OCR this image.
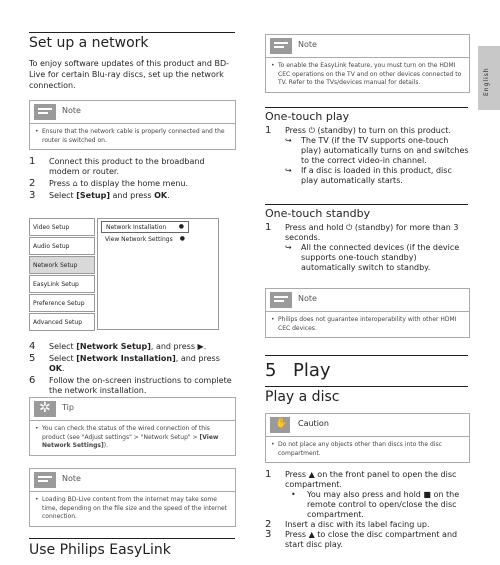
Set up a network
To enjoy software updates of this product and BD-Live for certain Blu-ray discs, set up the network connection.
Note
• Ensure that the network cable is properly connected and the router is switched on.
1 Connect this product to the broadband modem or router.
2 Press ⌂ to display the home menu.
3 Select [Setup] and press OK.
Video Setup
Audio Setup
Network Setup
EasyLink Setup
Preference Setup
Advanced Setup
Network Installation ●
View Network Settings ●
4 Select [Network Setup], and press ▶.
5 Select [Network Installation], and press OK.
6 Follow the on-screen instructions to complete the network installation.
✲ Tip
• You can check the status of the wired connection of this product (see "Adjust settings" > "Network Setup" > [View Network Settings]).
Note
• Loading BD-Live content from the internet may take some time, depending on the file size and the speed of the internet connection.
Use Philips EasyLink
Note
• To enable the EasyLink feature, you must turn on the HDMI CEC operations on the TV and on other devices connected to TV. Refer to the TVs/devices manual for details.
One-touch play
1 Press ⏻ (standby) to turn on this product.
↪ The TV (if the TV supports one-touch play) automatically turns on and switches to the correct video-in channel.
↪ If a disc is loaded in this product, disc play automatically starts.
One-touch standby
1 Press and hold ⏻ (standby) for more than 3 seconds.
↪ All the connected devices (if the device supports one-touch standby) automatically switch to standby.
Note
• Philips does not guarantee interoperability with other HDMI CEC devices.
5 Play
Play a disc
✋ Caution
• Do not place any objects other than discs into the disc compartment.
1 Press ▲ on the front panel to open the disc compartment.
• You may also press and hold ■ on the remote control to open/close the disc compartment.
2 Insert a disc with its label facing up.
3 Press ▲ to close the disc compartment and start disc play.
English
